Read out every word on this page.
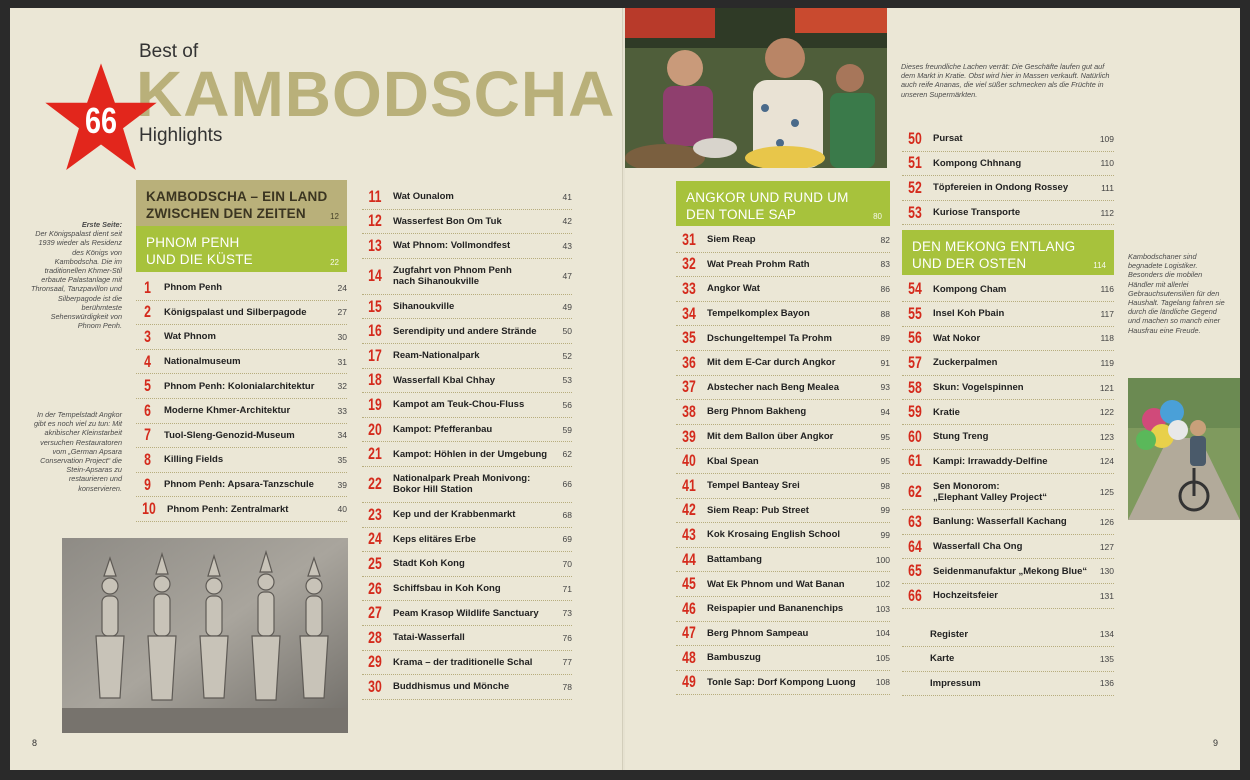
Best of
KAMBODSCHA
66	Highlights
Erste Seite:
Der Königspalast dient seit 1939 wieder als Residenz des Königs von Kambodscha. Die im traditionellen Khmer-Stil erbaute Palastanlage mit Thronsaal, Tanzpavillon und Silberpagode ist die berühmteste Sehenswürdigkeit von Phnom Penh.
In der Tempelstadt Angkor gibt es noch viel zu tun: Mit akribischer Kleinstarbeit versuchen Restauratoren vom „German Apsara Conservation Project“ die Stein-Apsaras zu restaurieren und konservieren.
KAMBODSCHA – EIN LAND
ZWISCHEN DEN ZEITEN	12
PHNOM PENH
UND DIE KÜSTE	22
1	Phnom Penh	24
2	Königspalast und Silberpagode	27
3	Wat Phnom	30
4	Nationalmuseum	31
5	Phnom Penh: Kolonialarchitektur	32
6	Moderne Khmer-Architektur	33
7	Tuol-Sleng-Genozid-Museum	34
8	Killing Fields	35
9	Phnom Penh: Apsara-Tanzschule	39
10	Phnom Penh: Zentralmarkt	40
11	Wat Ounalom	41
12	Wasserfest Bon Om Tuk	42
13	Wat Phnom: Vollmondfest	43
14	Zugfahrt von Phnom Penh
nach Sihanoukville	47
15	Sihanoukville	49
16	Serendipity und andere Strände	50
17	Ream-Nationalpark	52
18	Wasserfall Kbal Chhay	53
19	Kampot am Teuk-Chou-Fluss	56
20	Kampot: Pfefferanbau	59
21	Kampot: Höhlen in der Umgebung	62
22	Nationalpark Preah Monivong:
Bokor Hill Station	66
23	Kep und der Krabbenmarkt	68
24	Keps elitäres Erbe	69
25	Stadt Koh Kong	70
26	Schiffsbau in Koh Kong	71
27	Peam Krasop Wildlife Sanctuary	73
28	Tatai-Wasserfall	76
29	Krama – der traditionelle Schal	77
30	Buddhismus und Mönche	78
8
Dieses freundliche Lachen verrät: Die Geschäfte laufen gut auf dem Markt in Kratie. Obst wird hier in Massen verkauft. Natürlich auch reife Ananas, die viel süßer schmecken als die Früchte in unseren Supermärkten.
ANGKOR UND RUND UM
DEN TONLE SAP	80
31	Siem Reap	82
32	Wat Preah Prohm Rath	83
33	Angkor Wat	86
34	Tempelkomplex Bayon	88
35	Dschungeltempel Ta Prohm	89
36	Mit dem E-Car durch Angkor	91
37	Abstecher nach Beng Mealea	93
38	Berg Phnom Bakheng	94
39	Mit dem Ballon über Angkor	95
40	Kbal Spean	95
41	Tempel Banteay Srei	98
42	Siem Reap: Pub Street	99
43	Kok Krosaing English School	99
44	Battambang	100
45	Wat Ek Phnom und Wat Banan	102
46	Reispapier und Bananenchips	103
47	Berg Phnom Sampeau	104
48	Bambuszug	105
49	Tonle Sap: Dorf Kompong Luong	108
50	Pursat	109
51	Kompong Chhnang	110
52	Töpfereien in Ondong Rossey	111
53	Kuriose Transporte	112
DEN MEKONG ENTLANG
UND DER OSTEN	114
54	Kompong Cham	116
55	Insel Koh Pbain	117
56	Wat Nokor	118
57	Zuckerpalmen	119
58	Skun: Vogelspinnen	121
59	Kratie	122
60	Stung Treng	123
61	Kampi: Irrawaddy-Delfine	124
62	Sen Monorom:
„Elephant Valley Project“	125
63	Banlung: Wasserfall Kachang	126
64	Wasserfall Cha Ong	127
65	Seidenmanufaktur „Mekong Blue“	130
66	Hochzeitsfeier	131
Register	134
Karte	135
Impressum	136
Kambodschaner sind begnadete Logistiker. Besonders die mobilen Händler mit allerlei Gebrauchsutensilien für den Haushalt. Tagelang fahren sie durch die ländliche Gegend und machen so manch einer Hausfrau eine Freude.
9
